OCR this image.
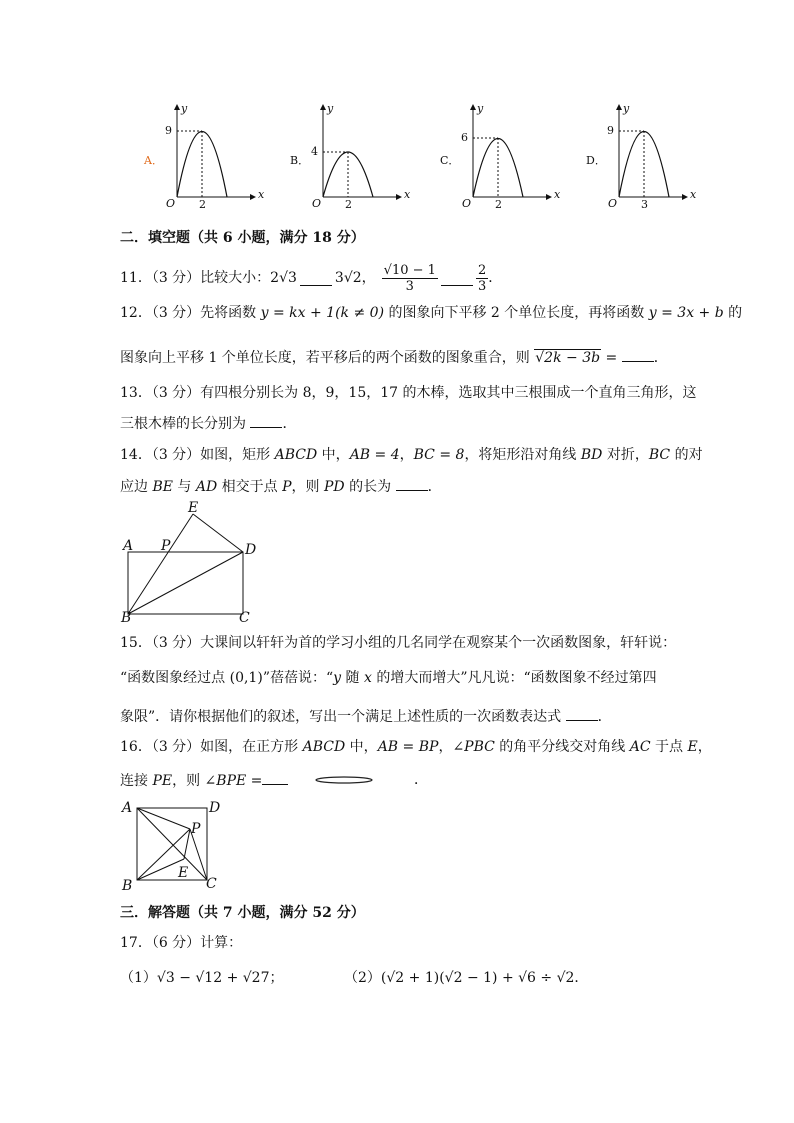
A．
y
9
O 2
x
B．
y
4
O 2
x
C．
y
6
O 2
x
D．
y
9
O 3
x
二．填空题（共 6 小题，满分 18 分）
11．（3 分）比较大小： 2√3	3√2 ， $\frac{√10 - 1}{3}$	$\frac{2}{3}$ ．
12．（3 分）先将函数 y = kx + 1(k ≠ 0) 的图象向下平移 2 个单位长度，再将函数 y = 3x + b 的
图象向上平移 1 个单位长度，若平移后的两个函数的图象重合，则 √2k − 3b = ．
13．（3 分）有四根分别长为 8，9，15，17 的木棒，选取其中三根围成一个直角三角形，这
三根木棒的长分别为 ．
14．（3 分）如图，矩形 ABCD 中，AB = 4，BC = 8，将矩形沿对角线 BD 对折，BC 的对
应边 BE 与 AD 相交于点 P，则 PD 的长为 ．
E
A P	D
B	C
15．（3 分）大课间以轩轩为首的学习小组的几名同学在观察某个一次函数图象，轩轩说：
“函数图象经过点 (0,1)”蓓蓓说：“y 随 x 的增大而增大”凡凡说：“函数图象不经过第四
象限”．请你根据他们的叙述，写出一个满足上述性质的一次函数表达式 ．
16．（3 分）如图，在正方形 ABCD 中，AB = BP，∠PBC 的角平分线交对角线 AC 于点 E，
连接 PE，则 ∠BPE =	．
A	D
P
E
B	C
三．解答题（共 7 小题，满分 52 分）
17．（6 分）计算：
（1）√3 − √12 + √27；	（2）(√2 + 1)(√2 − 1) + √6 ÷ √2．
